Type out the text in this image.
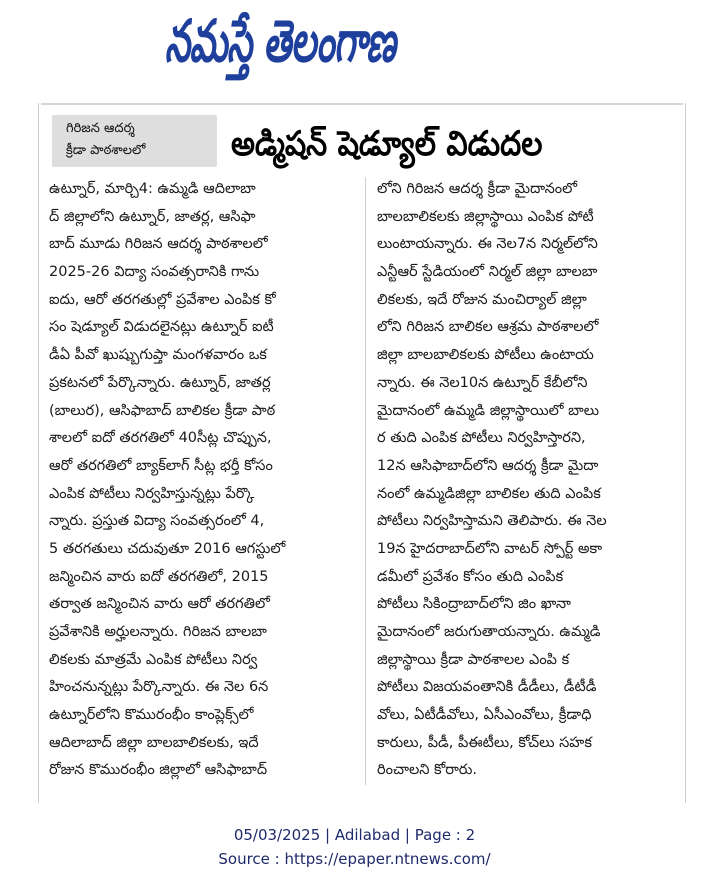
నమస్తే తెలంగాణ
గిరిజన ఆదర్శ
క్రీడా పాఠశాలలో	అడ్మిషన్ షెడ్యూల్ విడుదల
ఉట్నూర్, మార్చి4: ఉమ్మడి ఆదిలాబా
ద్ జిల్లాలోని ఉట్నూర్, జాతర్ల, ఆసిఫా
బాద్ మూడు గిరిజన ఆదర్శ పాఠశాలలో
2025-26 విద్యా సంవత్సరానికి గాను
ఐదు, ఆరో తరగతుల్లో ప్రవేశాల ఎంపిక కో
సం షెడ్యూల్ విడుదలైనట్లు ఉట్నూర్ ఐటీ
డీఏ పీవో ఖుష్బుగుప్తా మంగళవారం ఒక
ప్రకటనలో పేర్కొన్నారు. ఉట్నూర్, జాతర్ల
(బాలుర), ఆసిఫాబాద్ బాలికల క్రీడా పాఠ
శాలలో ఐదో తరగతిలో 40సీట్ల చొప్పున,
ఆరో తరగతిలో బ్యాక్‌లాగ్ సీట్ల భర్తీ కోసం
ఎంపిక పోటీలు నిర్వహిస్తున్నట్లు పేర్కొ
న్నారు. ప్రస్తుత విద్యా సంవత్సరంలో 4,
5 తరగతులు చదువుతూ 2016 ఆగస్టులో
జన్మించిన వారు ఐదో తరగతిలో, 2015
తర్వాత జన్మించిన వారు ఆరో తరగతిలో
ప్రవేశానికి అర్హులన్నారు. గిరిజన బాలబా
లికలకు మాత్రమే ఎంపిక పోటీలు నిర్వ
హించనున్నట్లు పేర్కొన్నారు. ఈ నెల 6న
ఉట్నూర్‌లోని కొమురంభీం కాంప్లెక్స్‌లో
ఆదిలాబాద్ జిల్లా బాలబాలికలకు, ఇదే
రోజున కొమురంభీం జిల్లాలో ఆసిఫాబాద్
లోని గిరిజన ఆదర్శ క్రీడా మైదానంలో
బాలబాలికలకు జిల్లాస్థాయి ఎంపిక పోటీ
లుంటాయన్నారు. ఈ నెల7న నిర్మల్‌లోని
ఎన్టీఆర్ స్టేడియంలో నిర్మల్ జిల్లా బాలబా
లికలకు, ఇదే రోజున మంచిర్యాల్ జిల్లా
లోని గిరిజన బాలికల ఆశ్రమ పాఠశాలలో
జిల్లా బాలబాలికలకు పోటీలు ఉంటాయ
న్నారు. ఈ నెల10న ఉట్నూర్ కేబీలోని
మైదానంలో ఉమ్మడి జిల్లాస్థాయిలో బాలు
ర తుది ఎంపిక పోటీలు నిర్వహిస్తారని,
12న ఆసిఫాబాద్‌లోని ఆదర్శ క్రీడా మైదా
నంలో ఉమ్మడిజిల్లా బాలికల తుది ఎంపిక
పోటీలు నిర్వహిస్తామని తెలిపారు. ఈ నెల
19న హైదరాబాద్‌లోని వాటర్ స్పోర్ట్ అకా
డమీలో ప్రవేశం కోసం తుది ఎంపిక
పోటీలు సికింద్రాబాద్‌లోని జిం ఖానా
మైదానంలో జరుగుతాయన్నారు. ఉమ్మడి
జిల్లాస్థాయి క్రీడా పాఠశాలల ఎంపి క
పోటీలు విజయవంతానికి డీడీలు, డీటీడీ
వోలు, ఏటీడీవోలు, ఏసీఎంవోలు, క్రీడాధి
కారులు, పీడీ, పీఈటీలు, కోచ్‌లు సహక
రించాలని కోరారు.
05/03/2025 | Adilabad | Page : 2
Source : https://epaper.ntnews.com/
